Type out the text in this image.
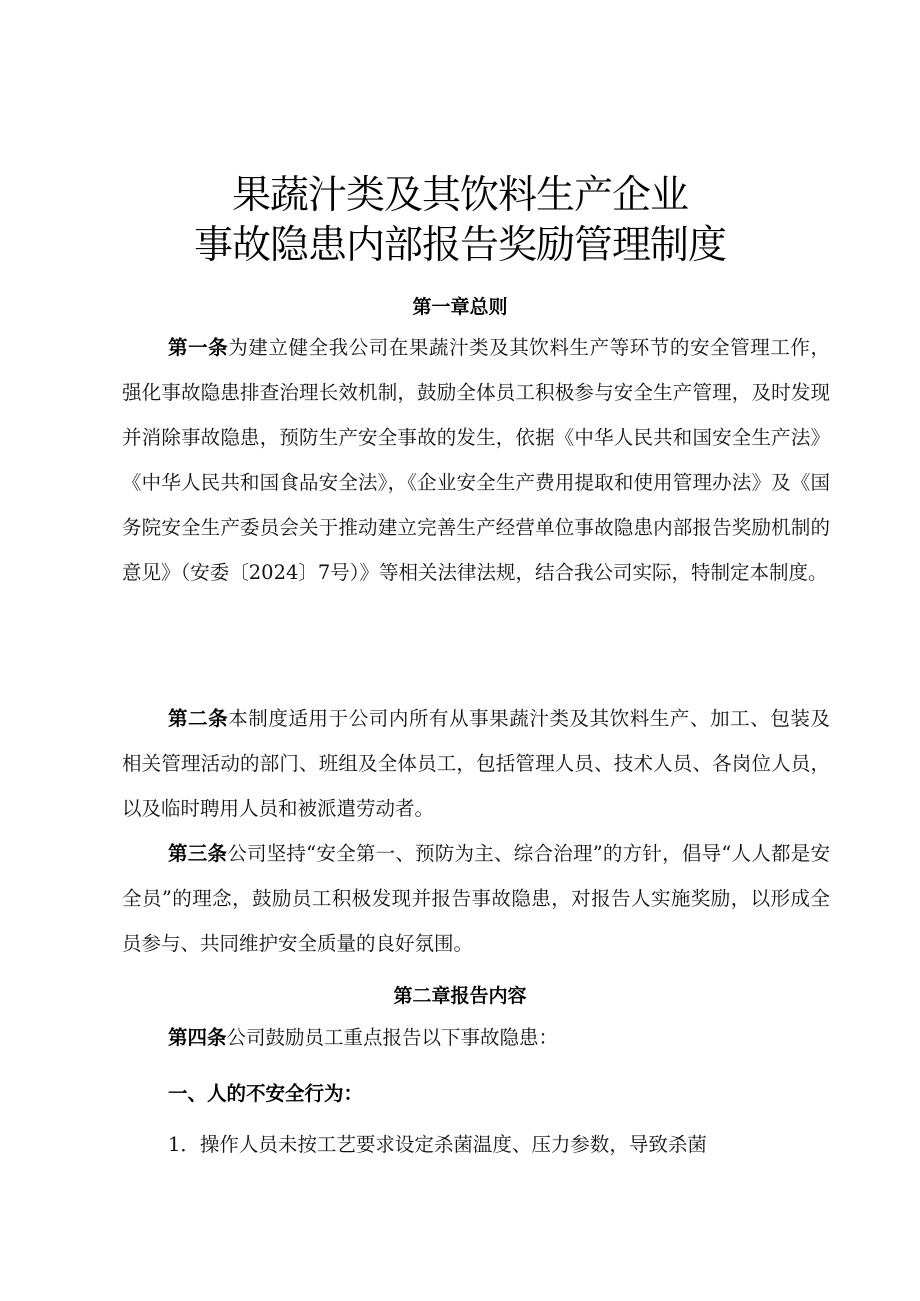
果蔬汁类及其饮料生产企业
事故隐患内部报告奖励管理制度
第一章总则

第一条为建立健全我公司在果蔬汁类及其饮料生产等环节的安全管理工作，强化事故隐患排查治理长效机制，鼓励全体员工积极参与安全生产管理，及时发现并消除事故隐患，预防生产安全事故的发生，依据《中华人民共和国安全生产法》《中华人民共和国食品安全法》，《企业安全生产费用提取和使用管理办法》及《国务院安全生产委员会关于推动建立完善生产经营单位事故隐患内部报告奖励机制的意见》（安委〔2024〕7号）》等相关法律法规，结合我公司实际，特制定本制度。

第二条本制度适用于公司内所有从事果蔬汁类及其饮料生产、加工、包装及相关管理活动的部门、班组及全体员工，包括管理人员、技术人员、各岗位人员，以及临时聘用人员和被派遣劳动者。

第三条公司坚持“安全第一、预防为主、综合治理”的方针，倡导“人人都是安全员”的理念，鼓励员工积极发现并报告事故隐患，对报告人实施奖励，以形成全员参与、共同维护安全质量的良好氛围。

第二章报告内容

第四条公司鼓励员工重点报告以下事故隐患：

一、人的不安全行为：

1．操作人员未按工艺要求设定杀菌温度、压力参数，导致杀菌
